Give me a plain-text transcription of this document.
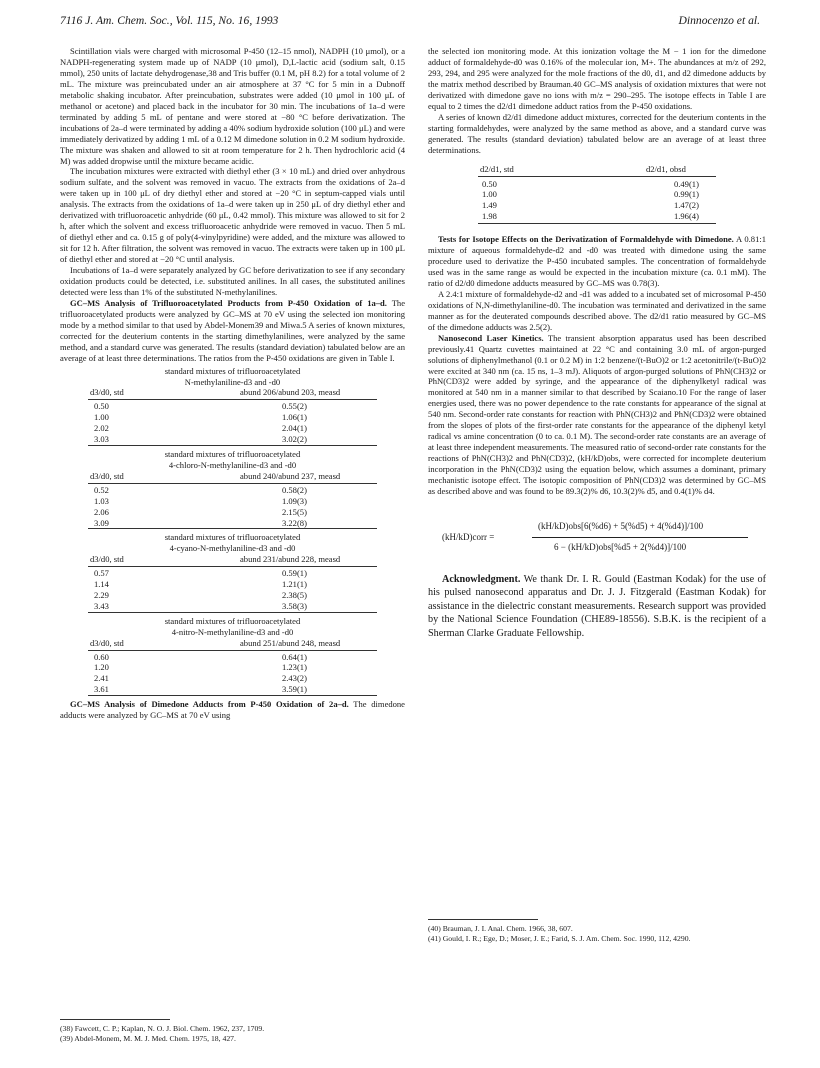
7116 J. Am. Chem. Soc., Vol. 115, No. 16, 1993	Dinnocenzo et al.

Scintillation vials were charged with microsomal P-450 (12–15 nmol), NADPH (10 μmol), or a NADPH-regenerating system made up of NADP (10 μmol), D,L-lactic acid (sodium salt, 0.15 mmol), 250 units of lactate dehydrogenase,38 and Tris buffer (0.1 M, pH 8.2) for a total volume of 2 mL. The mixture was preincubated under an air atmosphere at 37 °C for 5 min in a Dubnoff metabolic shaking incubator. After preincubation, substrates were added (10 μmol in 100 μL of methanol or acetone) and placed back in the incubator for 30 min. The incubations of 1a–d were terminated by adding 5 mL of pentane and were stored at −80 °C before derivatization. The incubations of 2a–d were terminated by adding a 40% sodium hydroxide solution (100 μL) and were immediately derivatized by adding 1 mL of a 0.12 M dimedone solution in 0.2 M sodium hydroxide. The mixture was shaken and allowed to sit at room temperature for 2 h. Then hydrochloric acid (4 M) was added dropwise until the mixture became acidic.

The incubation mixtures were extracted with diethyl ether (3 × 10 mL) and dried over anhydrous sodium sulfate, and the solvent was removed in vacuo. The extracts from the oxidations of 2a–d were taken up in 100 μL of dry diethyl ether and stored at −20 °C in septum-capped vials until analysis. The extracts from the oxidations of 1a–d were taken up in 250 μL of dry diethyl ether and derivatized with trifluoroacetic anhydride (60 μL, 0.42 mmol). This mixture was allowed to sit for 2 h, after which the solvent and excess trifluoroacetic anhydride were removed in vacuo. Then 5 mL of diethyl ether and ca. 0.15 g of poly(4-vinylpyridine) were added, and the mixture was allowed to sit for 12 h. After filtration, the solvent was removed in vacuo. The extracts were taken up in 100 μL of diethyl ether and stored at −20 °C until analysis.

Incubations of 1a–d were separately analyzed by GC before derivatization to see if any secondary oxidation products could be detected, i.e. substituted anilines. In all cases, the substituted anilines detected were less than 1% of the substituted N-methylanilines.

GC–MS Analysis of Trifluoroacetylated Products from P-450 Oxidation of 1a–d. The trifluoroacetylated products were analyzed by GC–MS at 70 eV using the selected ion monitoring mode by a method similar to that used by Abdel-Monem39 and Miwa.5 A series of known mixtures, corrected for the deuterium contents in the starting dimethylanilines, were analyzed by the same method, and a standard curve was generated. The results (standard deviation) tabulated below are an average of at least three determinations. The ratios from the P-450 oxidations are given in Table I.

standard mixtures of trifluoroacetylated
N-methylaniline-d3 and -d0
d3/d0, std	abund 206/abund 203, measd
0.50	0.55(2)
1.00	1.06(1)
2.02	2.04(1)
3.03	3.02(2)
standard mixtures of trifluoroacetylated
4-chloro-N-methylaniline-d3 and -d0
d3/d0, std	abund 240/abund 237, measd
0.52	0.58(2)
1.03	1.09(3)
2.06	2.15(5)
3.09	3.22(8)
standard mixtures of trifluoroacetylated
4-cyano-N-methylaniline-d3 and -d0
d3/d0, std	abund 231/abund 228, measd
0.57	0.59(1)
1.14	1.21(1)
2.29	2.38(5)
3.43	3.58(3)
standard mixtures of trifluoroacetylated
4-nitro-N-methylaniline-d3 and -d0
d3/d0, std	abund 251/abund 248, measd
0.60	0.64(1)
1.20	1.23(1)
2.41	2.43(2)
3.61	3.59(1)

GC–MS Analysis of Dimedone Adducts from P-450 Oxidation of 2a–d. The dimedone adducts were analyzed by GC–MS at 70 eV using

the selected ion monitoring mode. At this ionization voltage the M − 1 ion for the dimedone adduct of formaldehyde-d0 was 0.16% of the molecular ion, M+. The abundances at m/z of 292, 293, 294, and 295 were analyzed for the mole fractions of the d0, d1, and d2 dimedone adducts by the matrix method described by Brauman.40 GC–MS analysis of oxidation mixtures that were not derivatized with dimedone gave no ions with m/z = 290–295. The isotope effects in Table I are equal to 2 times the d2/d1 dimedone adduct ratios from the P-450 oxidations.

A series of known d2/d1 dimedone adduct mixtures, corrected for the deuterium contents in the starting formaldehydes, were analyzed by the same method as above, and a standard curve was generated. The results (standard deviation) tabulated below are an average of at least three determinations.

d2/d1, std	d2/d1, obsd
0.50	0.49(1)
1.00	0.99(1)
1.49	1.47(2)
1.98	1.96(4)

Tests for Isotope Effects on the Derivatization of Formaldehyde with Dimedone. A 0.81:1 mixture of aqueous formaldehyde-d2 and -d0 was treated with dimedone using the same procedure used to derivatize the P-450 incubated samples. The concentration of formaldehyde used was in the same range as would be expected in the incubation mixture (ca. 0.1 mM). The ratio of d2/d0 dimedone adducts measured by GC–MS was 0.78(3).

A 2.4:1 mixture of formaldehyde-d2 and -d1 was added to a incubated set of microsomal P-450 oxidations of N,N-dimethylaniline-d0. The incubation was terminated and derivatized in the same manner as for the deuterated compounds described above. The d2/d1 ratio measured by GC–MS of the dimedone adducts was 2.5(2).

Nanosecond Laser Kinetics. The transient absorption apparatus used has been described previously.41 Quartz cuvettes maintained at 22 °C and containing 3.0 mL of argon-purged solutions of diphenylmethanol (0.1 or 0.2 M) in 1:2 benzene/(t-BuO)2 or 1:2 acetonitrile/(t-BuO)2 were excited at 340 nm (ca. 15 ns, 1–3 mJ). Aliquots of argon-purged solutions of PhN(CH3)2 or PhN(CD3)2 were added by syringe, and the appearance of the diphenylketyl radical was monitored at 540 nm in a manner similar to that described by Scaiano.10 For the range of laser energies used, there was no power dependence to the rate constants for appearance of the signal at 540 nm. Second-order rate constants for reaction with PhN(CH3)2 and PhN(CD3)2 were obtained from the slopes of plots of the first-order rate constants for the appearance of the diphenyl ketyl radical vs amine concentration (0 to ca. 0.1 M). The second-order rate constants are an average of at least three independent measurements. The measured ratio of second-order rate constants for the reactions of PhN(CH3)2 and PhN(CD3)2, (kH/kD)obs, were corrected for incomplete deuterium incorporation in the PhN(CD3)2 using the equation below, which assumes a dominant, primary mechanistic isotope effect. The isotopic composition of PhN(CD3)2 was determined by GC–MS as described above and was found to be 89.3(2)% d6, 10.3(2)% d5, and 0.4(1)% d4.

(kH/kD)corr =
(kH/kD)obs[6(%d6) + 5(%d5) + 4(%d4)]/100
6 − (kH/kD)obs[%d5 + 2(%d4)]/100

Acknowledgment. We thank Dr. I. R. Gould (Eastman Kodak) for the use of his pulsed nanosecond apparatus and Dr. J. J. Fitzgerald (Eastman Kodak) for assistance in the dielectric constant measurements. Research support was provided by the National Science Foundation (CHE89-18556). S.B.K. is the recipient of a Sherman Clarke Graduate Fellowship.

(38) Fawcett, C. P.; Kaplan, N. O. J. Biol. Chem. 1962, 237, 1709.
(39) Abdel-Monem, M. M. J. Med. Chem. 1975, 18, 427.
(40) Brauman, J. I. Anal. Chem. 1966, 38, 607.
(41) Gould, I. R.; Ege, D.; Moser, J. E.; Farid, S. J. Am. Chem. Soc. 1990, 112, 4290.
